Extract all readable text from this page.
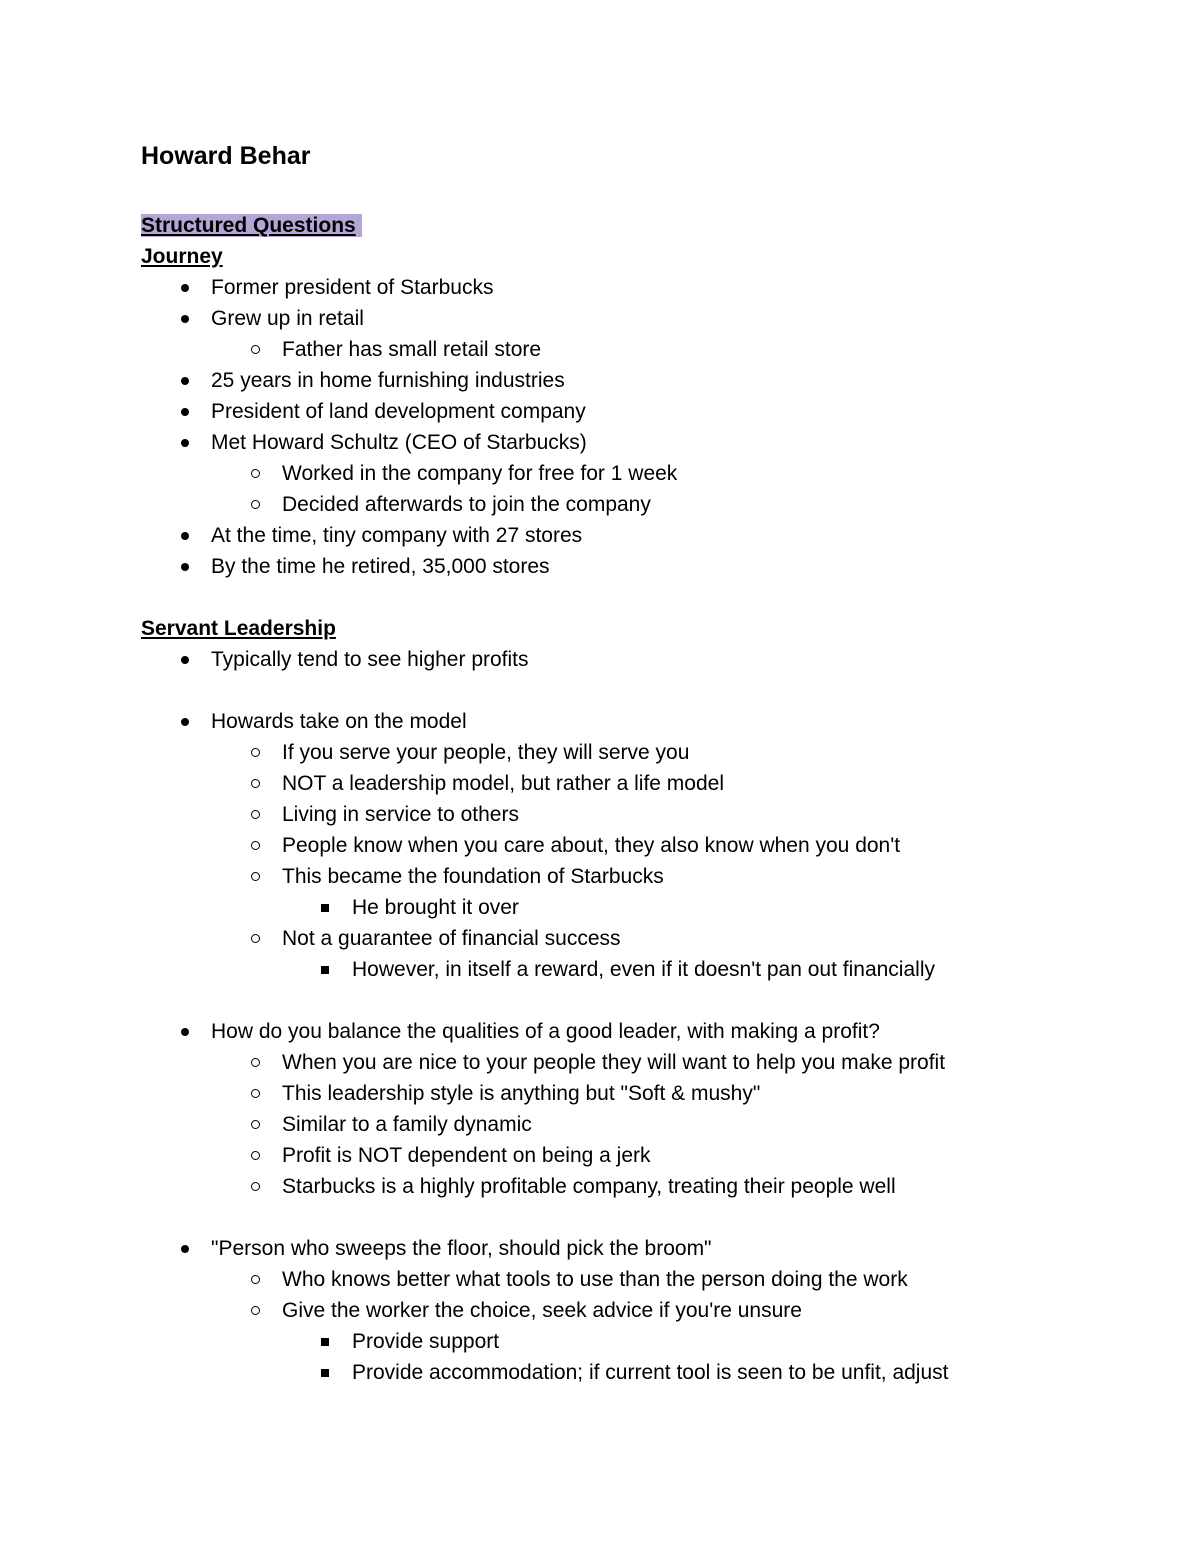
Howard Behar
Structured Questions
Journey
Former president of Starbucks
Grew up in retail
Father has small retail store
25 years in home furnishing industries
President of land development company
Met Howard Schultz (CEO of Starbucks)
Worked in the company for free for 1 week
Decided afterwards to join the company
At the time, tiny company with 27 stores
By the time he retired, 35,000 stores
Servant Leadership
Typically tend to see higher profits
Howards take on the model
If you serve your people, they will serve you
NOT a leadership model, but rather a life model
Living in service to others
People know when you care about, they also know when you don't
This became the foundation of Starbucks
He brought it over
Not a guarantee of financial success
However, in itself a reward, even if it doesn't pan out financially
How do you balance the qualities of a good leader, with making a profit?
When you are nice to your people they will want to help you make profit
This leadership style is anything but "Soft & mushy"
Similar to a family dynamic
Profit is NOT dependent on being a jerk
Starbucks is a highly profitable company, treating their people well
"Person who sweeps the floor, should pick the broom"
Who knows better what tools to use than the person doing the work
Give the worker the choice, seek advice if you're unsure
Provide support
Provide accommodation; if current tool is seen to be unfit, adjust
